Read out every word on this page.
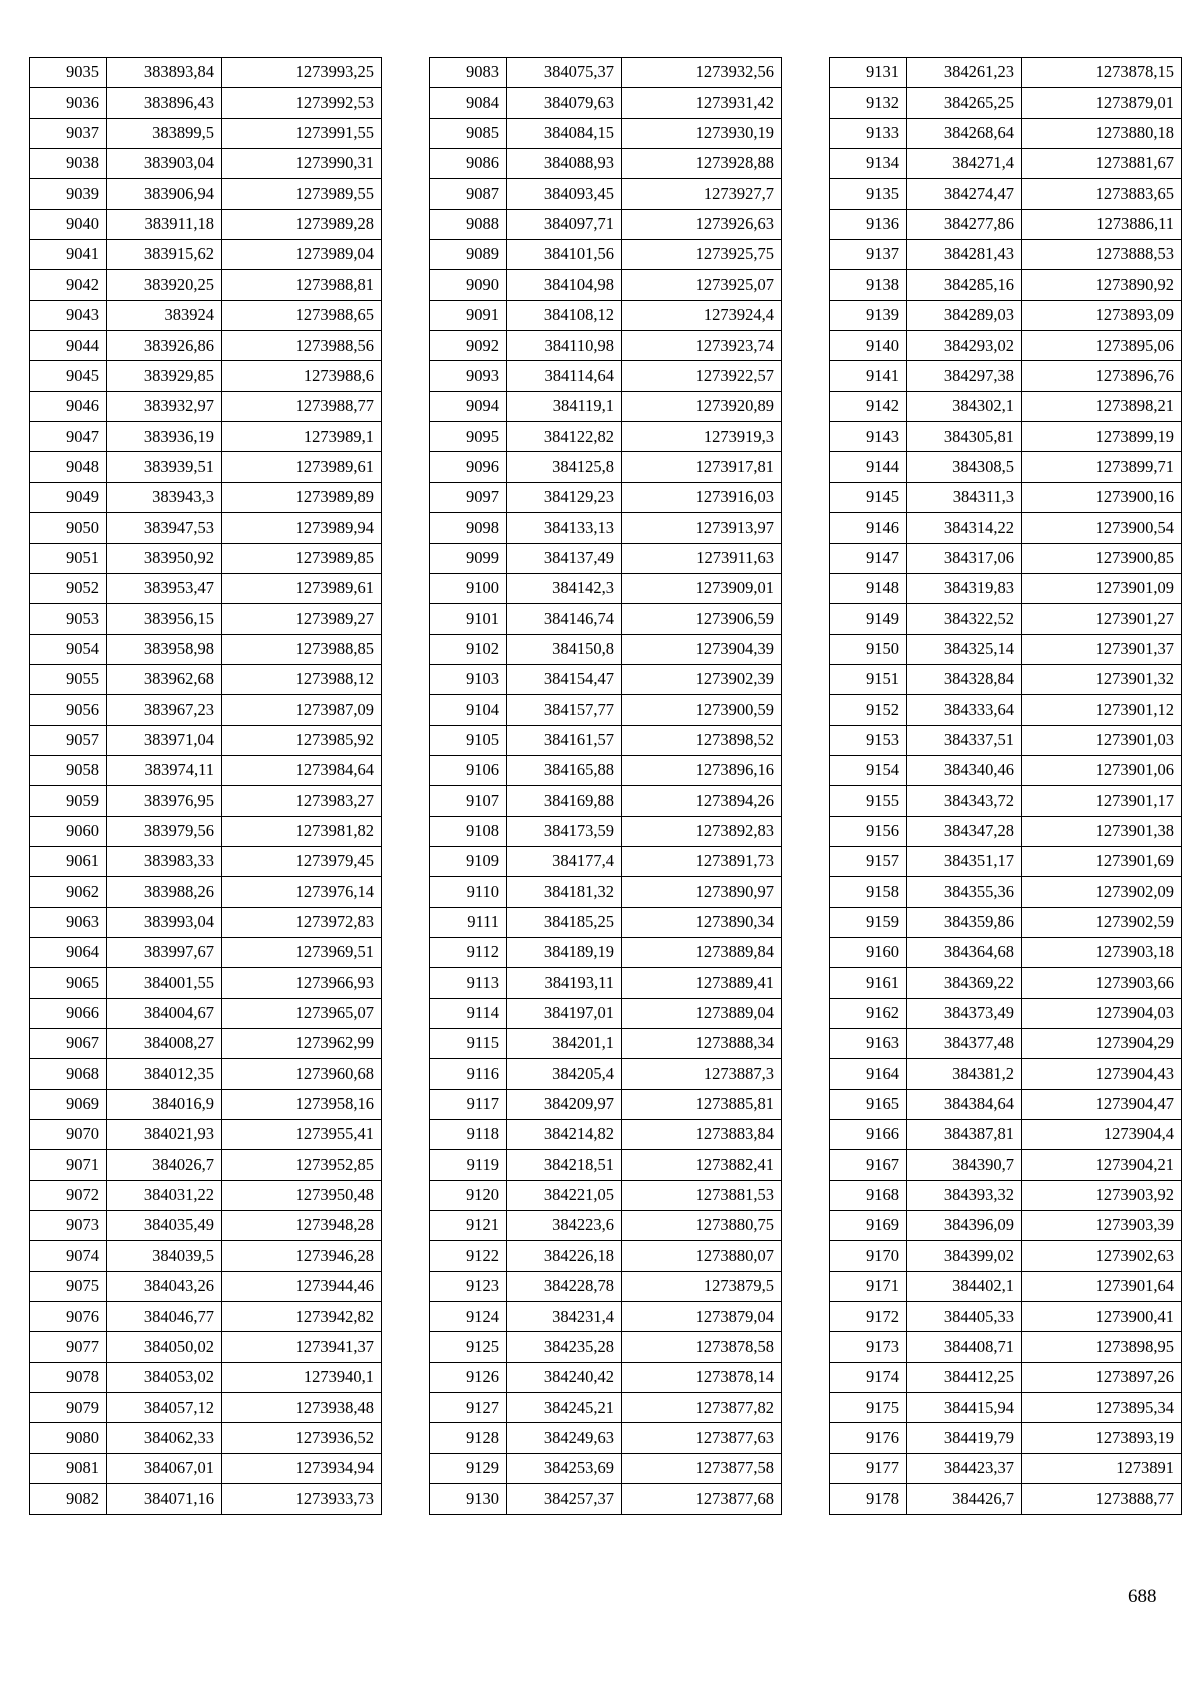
9035	383893,84	1273993,25
9036	383896,43	1273992,53
9037	383899,5	1273991,55
9038	383903,04	1273990,31
9039	383906,94	1273989,55
9040	383911,18	1273989,28
9041	383915,62	1273989,04
9042	383920,25	1273988,81
9043	383924	1273988,65
9044	383926,86	1273988,56
9045	383929,85	1273988,6
9046	383932,97	1273988,77
9047	383936,19	1273989,1
9048	383939,51	1273989,61
9049	383943,3	1273989,89
9050	383947,53	1273989,94
9051	383950,92	1273989,85
9052	383953,47	1273989,61
9053	383956,15	1273989,27
9054	383958,98	1273988,85
9055	383962,68	1273988,12
9056	383967,23	1273987,09
9057	383971,04	1273985,92
9058	383974,11	1273984,64
9059	383976,95	1273983,27
9060	383979,56	1273981,82
9061	383983,33	1273979,45
9062	383988,26	1273976,14
9063	383993,04	1273972,83
9064	383997,67	1273969,51
9065	384001,55	1273966,93
9066	384004,67	1273965,07
9067	384008,27	1273962,99
9068	384012,35	1273960,68
9069	384016,9	1273958,16
9070	384021,93	1273955,41
9071	384026,7	1273952,85
9072	384031,22	1273950,48
9073	384035,49	1273948,28
9074	384039,5	1273946,28
9075	384043,26	1273944,46
9076	384046,77	1273942,82
9077	384050,02	1273941,37
9078	384053,02	1273940,1
9079	384057,12	1273938,48
9080	384062,33	1273936,52
9081	384067,01	1273934,94
9082	384071,16	1273933,73
9083	384075,37	1273932,56
9084	384079,63	1273931,42
9085	384084,15	1273930,19
9086	384088,93	1273928,88
9087	384093,45	1273927,7
9088	384097,71	1273926,63
9089	384101,56	1273925,75
9090	384104,98	1273925,07
9091	384108,12	1273924,4
9092	384110,98	1273923,74
9093	384114,64	1273922,57
9094	384119,1	1273920,89
9095	384122,82	1273919,3
9096	384125,8	1273917,81
9097	384129,23	1273916,03
9098	384133,13	1273913,97
9099	384137,49	1273911,63
9100	384142,3	1273909,01
9101	384146,74	1273906,59
9102	384150,8	1273904,39
9103	384154,47	1273902,39
9104	384157,77	1273900,59
9105	384161,57	1273898,52
9106	384165,88	1273896,16
9107	384169,88	1273894,26
9108	384173,59	1273892,83
9109	384177,4	1273891,73
9110	384181,32	1273890,97
9111	384185,25	1273890,34
9112	384189,19	1273889,84
9113	384193,11	1273889,41
9114	384197,01	1273889,04
9115	384201,1	1273888,34
9116	384205,4	1273887,3
9117	384209,97	1273885,81
9118	384214,82	1273883,84
9119	384218,51	1273882,41
9120	384221,05	1273881,53
9121	384223,6	1273880,75
9122	384226,18	1273880,07
9123	384228,78	1273879,5
9124	384231,4	1273879,04
9125	384235,28	1273878,58
9126	384240,42	1273878,14
9127	384245,21	1273877,82
9128	384249,63	1273877,63
9129	384253,69	1273877,58
9130	384257,37	1273877,68
9131	384261,23	1273878,15
9132	384265,25	1273879,01
9133	384268,64	1273880,18
9134	384271,4	1273881,67
9135	384274,47	1273883,65
9136	384277,86	1273886,11
9137	384281,43	1273888,53
9138	384285,16	1273890,92
9139	384289,03	1273893,09
9140	384293,02	1273895,06
9141	384297,38	1273896,76
9142	384302,1	1273898,21
9143	384305,81	1273899,19
9144	384308,5	1273899,71
9145	384311,3	1273900,16
9146	384314,22	1273900,54
9147	384317,06	1273900,85
9148	384319,83	1273901,09
9149	384322,52	1273901,27
9150	384325,14	1273901,37
9151	384328,84	1273901,32
9152	384333,64	1273901,12
9153	384337,51	1273901,03
9154	384340,46	1273901,06
9155	384343,72	1273901,17
9156	384347,28	1273901,38
9157	384351,17	1273901,69
9158	384355,36	1273902,09
9159	384359,86	1273902,59
9160	384364,68	1273903,18
9161	384369,22	1273903,66
9162	384373,49	1273904,03
9163	384377,48	1273904,29
9164	384381,2	1273904,43
9165	384384,64	1273904,47
9166	384387,81	1273904,4
9167	384390,7	1273904,21
9168	384393,32	1273903,92
9169	384396,09	1273903,39
9170	384399,02	1273902,63
9171	384402,1	1273901,64
9172	384405,33	1273900,41
9173	384408,71	1273898,95
9174	384412,25	1273897,26
9175	384415,94	1273895,34
9176	384419,79	1273893,19
9177	384423,37	1273891
9178	384426,7	1273888,77
688
